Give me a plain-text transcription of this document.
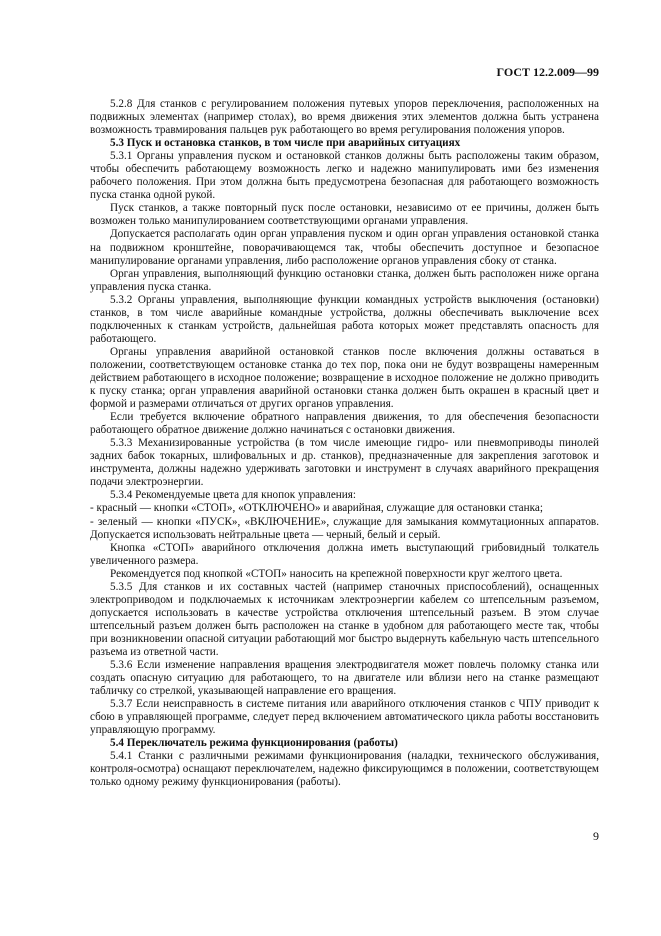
ГОСТ 12.2.009—99

5.2.8 Для станков с регулированием положения путевых упоров переключения, расположенных на подвижных элементах (например столах), во время движения этих элементов должна быть устранена возможность травмирования пальцев рук работающего во время регулирования положения упоров.

5.3 Пуск и остановка станков, в том числе при аварийных ситуациях

5.3.1 Органы управления пуском и остановкой станков должны быть расположены таким образом, чтобы обеспечить работающему возможность легко и надежно манипулировать ими без изменения рабочего положения. При этом должна быть предусмотрена безопасная для работающего возможность пуска станка одной рукой.

Пуск станков, а также повторный пуск после остановки, независимо от ее причины, должен быть возможен только манипулированием соответствующими органами управления.

Допускается располагать один орган управления пуском и один орган управления остановкой станка на подвижном кронштейне, поворачивающемся так, чтобы обеспечить доступное и безопасное манипулирование органами управления, либо расположение органов управления сбоку от станка.

Орган управления, выполняющий функцию остановки станка, должен быть расположен ниже органа управления пуска станка.

5.3.2 Органы управления, выполняющие функции командных устройств выключения (остановки) станков, в том числе аварийные командные устройства, должны обеспечивать выключение всех подключенных к станкам устройств, дальнейшая работа которых может представлять опасность для работающего.

Органы управления аварийной остановкой станков после включения должны оставаться в положении, соответствующем остановке станка до тех пор, пока они не будут возвращены намеренным действием работающего в исходное положение; возвращение в исходное положение не должно приводить к пуску станка; орган управления аварийной остановки станка должен быть окрашен в красный цвет и формой и размерами отличаться от других органов управления.

Если требуется включение обратного направления движения, то для обеспечения безопасности работающего обратное движение должно начинаться с остановки движения.

5.3.3 Механизированные устройства (в том числе имеющие гидро- или пневмоприводы пинолей задних бабок токарных, шлифовальных и др. станков), предназначенные для закрепления заготовок и инструмента, должны надежно удерживать заготовки и инструмент в случаях аварийного прекращения подачи электроэнергии.

5.3.4 Рекомендуемые цвета для кнопок управления:

- красный — кнопки «СТОП», «ОТКЛЮЧЕНО» и аварийная, служащие для остановки станка;

- зеленый — кнопки «ПУСК», «ВКЛЮЧЕНИЕ», служащие для замыкания коммутационных аппаратов. Допускается использовать нейтральные цвета — черный, белый и серый.

Кнопка «СТОП» аварийного отключения должна иметь выступающий грибовидный толкатель увеличенного размера.

Рекомендуется под кнопкой «СТОП» наносить на крепежной поверхности круг желтого цвета.

5.3.5 Для станков и их составных частей (например станочных приспособлений), оснащенных электроприводом и подключаемых к источникам электроэнергии кабелем со штепсельным разъемом, допускается использовать в качестве устройства отключения штепсельный разъем. В этом случае штепсельный разъем должен быть расположен на станке в удобном для работающего месте так, чтобы при возникновении опасной ситуации работающий мог быстро выдернуть кабельную часть штепсельного разъема из ответной части.

5.3.6 Если изменение направления вращения электродвигателя может повлечь поломку станка или создать опасную ситуацию для работающего, то на двигателе или вблизи него на станке размещают табличку со стрелкой, указывающей направление его вращения.

5.3.7 Если неисправность в системе питания или аварийного отключения станков с ЧПУ приводит к сбою в управляющей программе, следует перед включением автоматического цикла работы восстановить управляющую программу.

5.4 Переключатель режима функционирования (работы)

5.4.1 Станки с различными режимами функционирования (наладки, технического обслуживания, контроля-осмотра) оснащают переключателем, надежно фиксирующимся в положении, соответствующем только одному режиму функционирования (работы).

9
